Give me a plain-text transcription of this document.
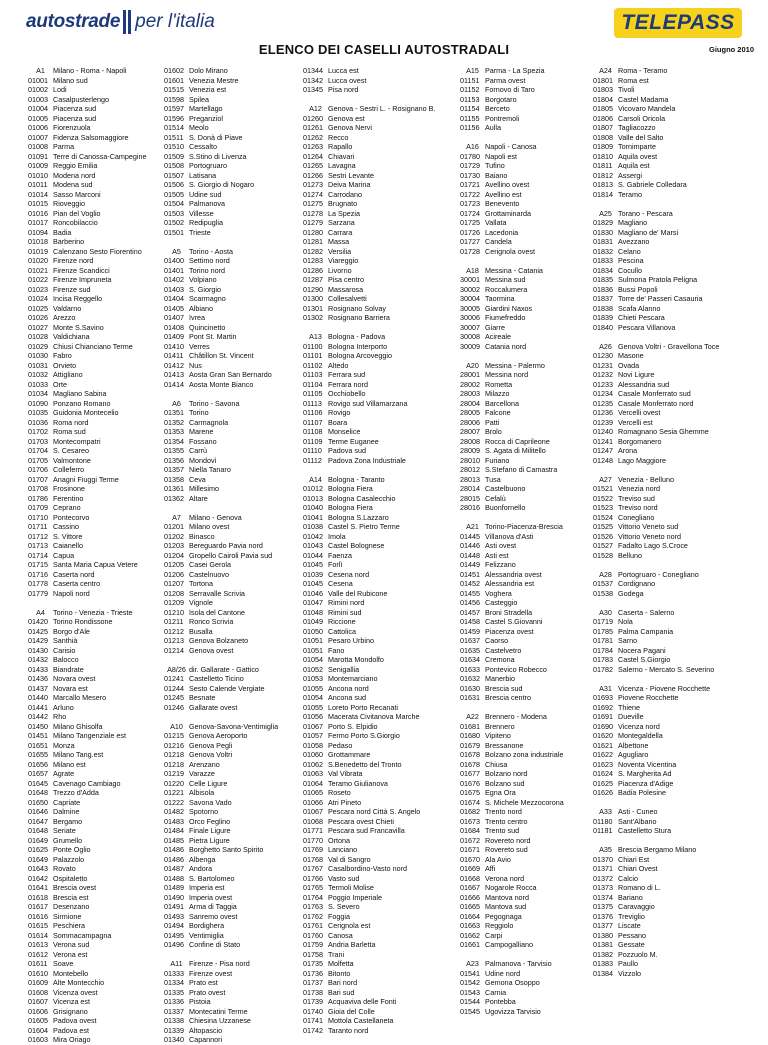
autostrade per l'italia	TELEPASS
ELENCO DEI CASELLI AUTOSTRADALI	Giugno 2010
A1 Milano - Roma - Napoli
01001 Milano sud
01002 Lodi
01003 Casalpusterlengo
01004 Piacenza sud
01005 Piacenza sud
01006 Fiorenzuola
01007 Fidenza Salsomaggiore
01008 Parma
01091 Terre di Canossa-Campegine
01009 Reggio Emilia
01010 Modena nord
01011 Modena sud
01014 Sasso Marconi
01015 Rioveggio
01016 Pian del Voglio
01017 Roncobilaccio
01094 Badia
01018 Barberino
01019 Calenzano Sesto Fiorentino
01020 Firenze nord
01021 Firenze Scandicci
01022 Firenze Impruneta
01023 Firenze sud
01024 Incisa Reggello
01025 Valdarno
01026 Arezzo
01027 Monte S.Savino
01028 Valdichiana
01029 Chiusi Chianciano Terme
01030 Fabro
01031 Orvieto
01032 Attigliano
01033 Orte
01034 Magliano Sabina
01090 Ponzano Romano
01035 Guidonia Montecelio
01036 Roma nord
01702 Roma sud
01703 Montecompatri
01704 S. Cesareo
01705 Valmontone
01706 Colleferro
01707 Anagni Fiuggi Terme
01708 Frosinone
01786 Ferentino
01709 Ceprano
01710 Pontecorvo
01711 Cassino
01712 S. Vittore
01713 Caianello
01714 Capua
01715 Santa Maria Capua Vetere
01716 Caserta nord
01778 Caserta centro
01779 Napoli nord
A4 Torino - Venezia - Trieste
01420 Torino Rondissone
01425 Borgo d'Ale
01429 Santhià
01430 Carisio
01432 Balocco
01433 Biandrate
01436 Novara ovest
01437 Novara est
01440 Marcallo Mesero
01441 Arluno
01442 Rho
01450 Milano Ghisolfa
01451 Milano Tangenziale est
01651 Monza
01655 Milano Tang.est
01656 Milano est
01657 Agrate
01645 Cavenago Cambiago
01648 Trezzo d'Adda
01650 Capriate
01646 Dalmine
01647 Bergamo
01648 Seriate
01649 Grumello
01625 Ponte Oglio
01649 Palazzolo
01643 Rovato
01642 Ospitaletto
01641 Brescia ovest
01618 Brescia est
01617 Desenzano
01616 Sirmione
01615 Peschiera
01614 Sommacampagna
01613 Verona sud
01612 Verona est
01611 Soave
01610 Montebello
01609 Alte Montecchio
01608 Vicenza ovest
01607 Vicenza est
01606 Grisignano
01605 Padova ovest
01604 Padova est
01603 Mira Oriago
01602 Dolo Mirano
01601 Venezia Mestre
01515 Venezia est
01598 Spilea
01597 Martellago
01596 Preganziol
01514 Meolo
01511 S. Donà di Piave
01510 Cessalto
01509 S.Stino di Livenza
01508 Portogruaro
01507 Latisana
01506 S. Giorgio di Nogaro
01505 Udine sud
01504 Palmanova
01503 Villesse
01502 Redipuglia
01501 Trieste
A5 Torino - Aosta
01400 Settimo nord
01401 Torino nord
01402 Volpiano
01403 S. Giorgio
01404 Scarmagno
01405 Albiano
01407 Ivrea
01408 Quincinetto
01409 Pont St. Martin
01410 Verres
01411 Châtillon St. Vincent
01412 Nus
01413 Aosta Gran San Bernardo
01414 Aosta Monte Bianco
A6 Torino - Savona
01351 Torino
01352 Carmagnola
01353 Marene
01354 Fossano
01355 Carrù
01356 Mondovì
01357 Niella Tanaro
01358 Ceva
01361 Millesimo
01362 Altare
A7 Milano - Genova
01201 Milano ovest
01202 Binasco
01203 Bereguardo Pavia nord
01204 Gropello Cairoli Pavia sud
01205 Casei Gerola
01206 Castelnuovo
01207 Tortona
01208 Serravalle Scrivia
01209 Vignole
01210 Isola del Cantone
01211 Ronco Scrivia
01212 Busalla
01213 Genova Bolzaneto
01214 Genova ovest
A8/26 dir. Gallarate - Gattico
01241 Castelletto Ticino
01244 Sesto Calende Vergiate
01245 Besnate
01246 Gallarate ovest
A10 Genova-Savona-Ventimiglia
01215 Genova Aeroporto
01216 Genova Pegli
01218 Genova Voltri
01218 Arenzano
01219 Varazze
01220 Celle Ligure
01221 Albisola
01222 Savona Vado
01482 Spotorno
01483 Orco Feglino
01484 Finale Ligure
01485 Pietra Ligure
01486 Borghetto Santo Spirito
01486 Albenga
01487 Andora
01488 S. Bartolomeo
01489 Imperia est
01490 Imperia ovest
01491 Arma di Taggia
01493 Sanremo ovest
01494 Bordighera
01495 Ventimiglia
01496 Confine di Stato
A11 Firenze - Pisa nord
01333 Firenze ovest
01334 Prato est
01335 Prato ovest
01336 Pistoia
01337 Montecatini Terme
01338 Chiesina Uzzanese
01339 Altopascio
01340 Capannori
01344 Lucca est
01342 Lucca ovest
01345 Pisa nord
A12 Genova - Sestri L. - Rosignano B.
01260 Genova est
01261 Genova Nervi
01262 Recco
01263 Rapallo
01264 Chiavari
01265 Lavagna
01266 Sestri Levante
01273 Deiva Marina
01274 Carrodano
01275 Brugnato
01278 La Spezia
01279 Sarzana
01280 Carrara
01281 Massa
01282 Versilia
01283 Viareggio
01286 Livorno
01287 Pisa centro
01290 Massarosa
01300 Collesalvetti
01301 Rosignano Solvay
01302 Rosignano Barriera
A13 Bologna - Padova
01100 Bologna Interporto
01101 Bologna Arcoveggio
01102 Altedo
01103 Ferrara sud
01104 Ferrara nord
01105 Occhiobello
01113 Rovigo sud Villamarzana
01106 Rovigo
01107 Boara
01108 Monselice
01109 Terme Euganee
01110 Padova sud
01112 Padova Zona Industriale
A14 Bologna - Taranto
01012 Bologna Fiera
01013 Bologna Casalecchio
01040 Bologna Fiera
01041 Bologna S.Lazzaro
01038 Castel S. Pietro Terme
01042 Imola
01043 Castel Bolognese
01044 Faenza
01045 Forlì
01039 Cesena nord
01045 Cesena
01046 Valle del Rubicone
01047 Rimini nord
01048 Rimini sud
01049 Riccione
01050 Cattolica
01051 Pesaro Urbino
01051 Fano
01054 Marotta Mondolfo
01052 Senigallia
01053 Montemarciano
01055 Ancona nord
01054 Ancona sud
01055 Loreto Porto Recanati
01056 Macerata Civitanova Marche
01067 Porto S. Elpidio
01057 Fermo Porto S.Giorgio
01058 Pedaso
01060 Grottammare
01062 S.Benedetto del Tronto
01063 Val Vibrata
01064 Teramo Giulianova
01065 Roseto
01066 Atri Pineto
01067 Pescara nord Città S. Angelo
01068 Pescara ovest Chieti
01771 Pescara sud Francavilla
01770 Ortona
01769 Lanciano
01768 Val di Sangro
01767 Casalbordino-Vasto nord
01766 Vasto sud
01765 Termoli Molise
01764 Poggio Imperiale
01763 S. Severo
01762 Foggia
01761 Cerignola est
01760 Canosa
01759 Andria Barletta
01758 Trani
01735 Molfetta
01736 Bitonto
01737 Bari nord
01738 Bari sud
01739 Acquaviva delle Fonti
01740 Gioia del Colle
01741 Mottola Castellaneta
01742 Taranto nord
A15 Parma - La Spezia
01151 Parma ovest
01152 Fornovo di Taro
01153 Borgotaro
01154 Berceto
01155 Pontremoli
01156 Aulla
A16 Napoli - Canosa
01780 Napoli est
01729 Tufino
01730 Baiano
01721 Avellino ovest
01722 Avellino est
01723 Benevento
01724 Grottaminarda
01725 Vallata
01726 Lacedonia
01727 Candela
01728 Cerignola ovest
A18 Messina - Catania
30001 Messina sud
30002 Roccalumera
30004 Taormina
30005 Giardini Naxos
30006 Fiumefreddo
30007 Giarre
30008 Acireale
30009 Catania nord
A20 Messina - Palermo
28001 Messina nord
28002 Rometta
28003 Milazzo
28004 Barcellona
28005 Falcone
28006 Patti
28007 Brolo
28008 Rocca di Caprileone
28009 S. Agata di Militello
28010 Furiano
28012 S.Stefano di Camastra
28013 Tusa
28014 Castelbuono
28015 Cefalù
28016 Buonfornello
A21 Torino-Piacenza-Brescia
01445 Villanova d'Asti
01446 Asti ovest
01448 Asti est
01449 Felizzano
01451 Alessandria ovest
01452 Alessandria est
01455 Voghera
01456 Casteggio
01457 Broni Stradella
01458 Castel S.Giovanni
01459 Piacenza ovest
01637 Caorso
01635 Castelvetro
01634 Cremona
01633 Pontevico Robecco
01632 Manerbio
01630 Brescia sud
01631 Brescia centro
A22 Brennero - Modena
01681 Brennero
01680 Vipiteno
01679 Bressanone
01678 Bolzano zona industriale
01678 Chiusa
01677 Bolzano nord
01676 Bolzano sud
01675 Egna Ora
01674 S. Michele Mezzocorona
01682 Trento nord
01673 Trento centro
01684 Trento sud
01672 Rovereto nord
01671 Rovereto sud
01670 Ala Avio
01669 Affi
01668 Verona nord
01667 Nogarole Rocca
01666 Mantova nord
01665 Mantova sud
01664 Pegognaga
01663 Reggiolo
01662 Carpi
01661 Campogalliano
A23 Palmanova - Tarvisio
01541 Udine nord
01542 Gemona Osoppo
01543 Carnia
01544 Pontebba
01545 Ugovizza Tarvisio
A24 Roma - Teramo
01801 Roma est
01803 Tivoli
01804 Castel Madama
01805 Vicovaro Mandela
01806 Carsoli Oricola
01807 Tagliacozzo
01808 Valle del Salto
01809 Tornimparte
01810 Aquila ovest
01811 Aquila est
01812 Assergi
01813 S. Gabriele Colledara
01814 Teramo
A25 Torano - Pescara
01829 Magliano
01830 Magliano de' Marsi
01831 Avezzano
01832 Celano
01833 Pescina
01834 Cocullo
01835 Sulmona Pratola Peligna
01836 Bussi Popoli
01837 Torre de' Passeri Casauria
01838 Scafa Alanno
01839 Chieti Pescara
01840 Pescara Villanova
A26 Genova Voltri - Gravellona Toce
01230 Masone
01231 Ovada
01232 Novi Ligure
01233 Alessandria sud
01234 Casale Monferrato sud
01235 Casale Monferrato nord
01236 Vercelli ovest
01239 Vercelli est
01240 Romagnano Sesia Ghemme
01241 Borgomanero
01247 Arona
01248 Lago Maggiore
A27 Venezia - Belluno
01521 Venezia nord
01522 Treviso sud
01523 Treviso nord
01524 Conegliano
01525 Vittorio Veneto sud
01526 Vittorio Veneto nord
01527 Fadalto Lago S.Croce
01528 Belluno
A28 Portogruaro - Conegliano
01537 Cordignano
01538 Godega
A30 Caserta - Salerno
01719 Nola
01785 Palma Campania
01781 Sarno
01784 Nocera Pagani
01783 Castel S.Giorgio
01782 Salerno - Mercato S. Severino
A31 Vicenza - Piovene Rocchette
01693 Piovene Rocchette
01692 Thiene
01691 Dueville
01690 Vicenza nord
01620 Montegaldella
01621 Albettone
01622 Agugliaro
01623 Noventa Vicentina
01624 S. Margherita Ad
01625 Piacenza d'Adige
01626 Badia Polesine
A33 Asti - Cuneo
01180 Sant'Albano
01181 Castelletto Stura
A35 Brescia Bergamo Milano
01370 Chiari Est
01371 Chiari Ovest
01372 Calcio
01373 Romano di L.
01374 Bariano
01375 Caravaggio
01376 Treviglio
01377 Liscate
01380 Pessano
01381 Gessate
01382 Pozzuolo M.
01383 Paullo
01384 Vizzolo
